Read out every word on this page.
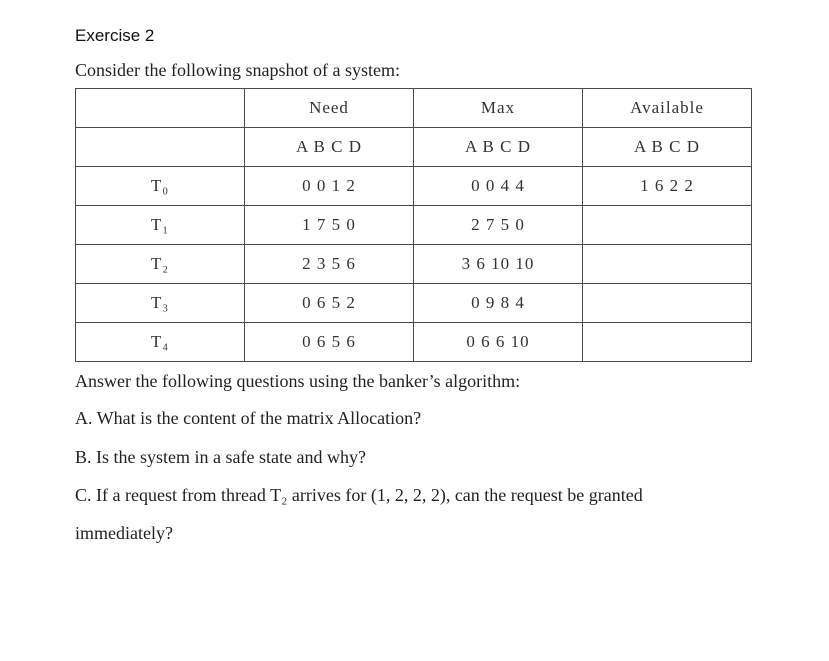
Exercise 2

Consider the following snapshot of a system:

	Need	Max	Available
	A B C D	A B C D	A B C D
T₀	0 0 1 2	0 0 4 4	1 6 2 2
T₁	1 7 5 0	2 7 5 0	
T₂	2 3 5 6	3 6 10 10	
T₃	0 6 5 2	0 9 8 4	
T₄	0 6 5 6	0 6 6 10	

Answer the following questions using the banker’s algorithm:

A. What is the content of the matrix Allocation?

B. Is the system in a safe state and why?

C. If a request from thread T₂ arrives for (1, 2, 2, 2), can the request be granted

immediately?
